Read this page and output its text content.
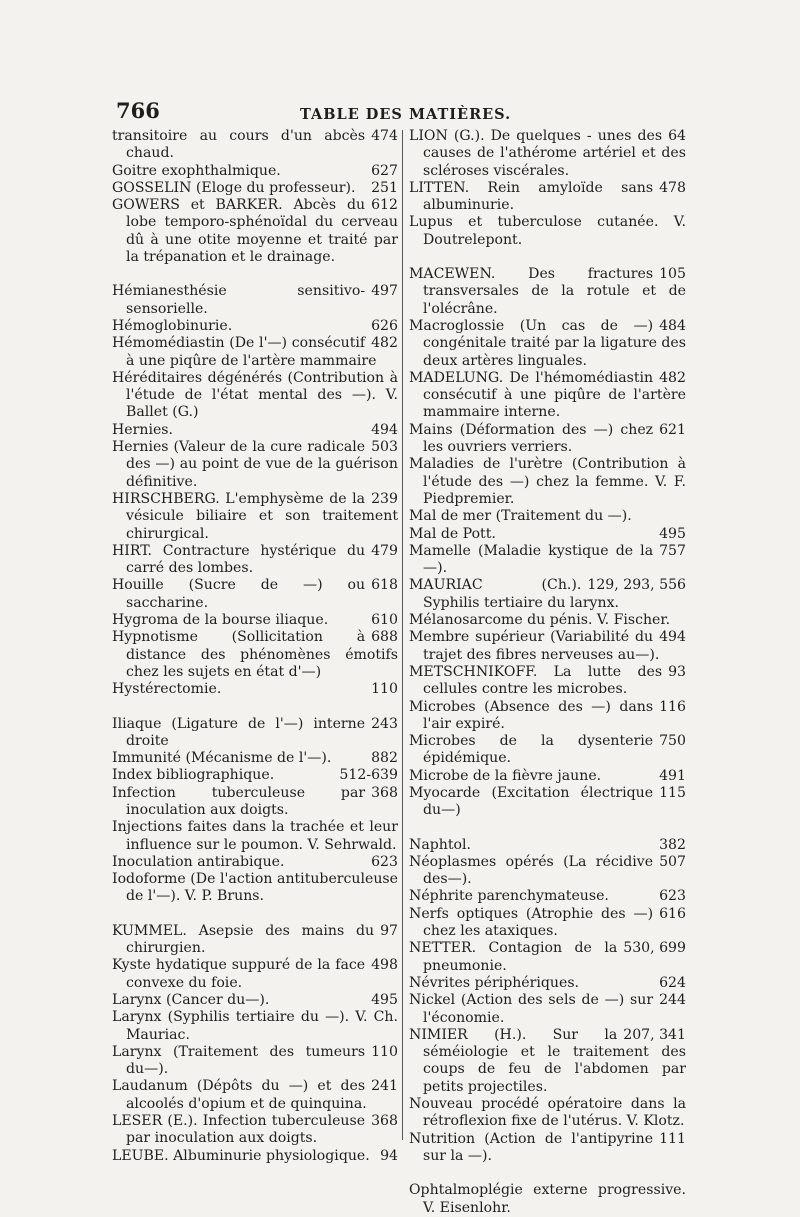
766	TABLE DES MATIÈRES.

474
transitoire au cours d'un abcès chaud.

627
Goitre exophthalmique.

251
GOSSELIN (Eloge du professeur).

612
GOWERS et BARKER. Abcès du lobe temporo-sphénoïdal du cerveau dû à une otite moyenne et traité par la trépanation et le drainage.

497
Hémianesthésie sensitivo-sensorielle.

626
Hémoglobinurie.

482
Hémomédiastin (De l'—) consécutif à une piqûre de l'artère mammaire

Héréditaires dégénérés (Contribution à l'étude de l'état mental des —). V. Ballet (G.)

494
Hernies.

503
Hernies (Valeur de la cure radicale des —) au point de vue de la guérison définitive.

239
HIRSCHBERG. L'emphysème de la vésicule biliaire et son traitement chirurgical.

479
HIRT. Contracture hystérique du carré des lombes.

618
Houille (Sucre de —) ou saccharine.

610
Hygroma de la bourse iliaque.

688
Hypnotisme (Sollicitation à distance des phénomènes émotifs chez les sujets en état d'—)

110
Hystérectomie.

243
Iliaque (Ligature de l'—) interne droite

882
Immunité (Mécanisme de l'—).

512-639
Index bibliographique.

368
Infection tuberculeuse par inoculation aux doigts.

Injections faites dans la trachée et leur influence sur le poumon. V. Sehrwald.

623
Inoculation antirabique.

Iodoforme (De l'action antituberculeuse de l'—). V. P. Bruns.

97
KUMMEL. Asepsie des mains du chirurgien.

498
Kyste hydatique suppuré de la face convexe du foie.

495
Larynx (Cancer du—).

Larynx (Syphilis tertiaire du —). V. Ch. Mauriac.

110
Larynx (Traitement des tumeurs du—).

241
Laudanum (Dépôts du —) et des alcoolés d'opium et de quinquina.

368
LESER (E.). Infection tuberculeuse par inoculation aux doigts.

94
LEUBE. Albuminurie physiologique.

64
LION (G.). De quelques - unes des causes de l'athérome artériel et des scléroses viscérales.

478
LITTEN. Rein amyloïde sans albuminurie.

Lupus et tuberculose cutanée. V. Doutrelepont.

105
MACEWEN. Des fractures transversales de la rotule et de l'olécrâne.

484
Macroglossie (Un cas de —) congénitale traité par la ligature des deux artères linguales.

482
MADELUNG. De l'hémomédiastin consécutif à une piqûre de l'artère mammaire interne.

621
Mains (Déformation des —) chez les ouvriers verriers.

Maladies de l'urètre (Contribution à l'étude des —) chez la femme. V. F. Piedpremier.

Mal de mer (Traitement du —).

495
Mal de Pott.

757
Mamelle (Maladie kystique de la —).

129, 293, 556
MAURIAC (Ch.). Syphilis tertiaire du larynx.

Mélanosarcome du pénis. V. Fischer.

494
Membre supérieur (Variabilité du trajet des fibres nerveuses au—).

93
METSCHNIKOFF. La lutte des cellules contre les microbes.

116
Microbes (Absence des —) dans l'air expiré.

750
Microbes de la dysenterie épidémique.

491
Microbe de la fièvre jaune.

115
Myocarde (Excitation électrique du—)

382
Naphtol.

507
Néoplasmes opérés (La récidive des—).

623
Néphrite parenchymateuse.

616
Nerfs optiques (Atrophie des —) chez les ataxiques.

530, 699
NETTER. Contagion de la pneumonie.

624
Névrites périphériques.

244
Nickel (Action des sels de —) sur l'économie.

207, 341
NIMIER (H.). Sur la séméiologie et le traitement des coups de feu de l'abdomen par petits projectiles.

Nouveau procédé opératoire dans la rétroflexion fixe de l'utérus. V. Klotz.

111
Nutrition (Action de l'antipyrine sur la —).

Ophtalmoplégie externe progressive. V. Eisenlohr.
